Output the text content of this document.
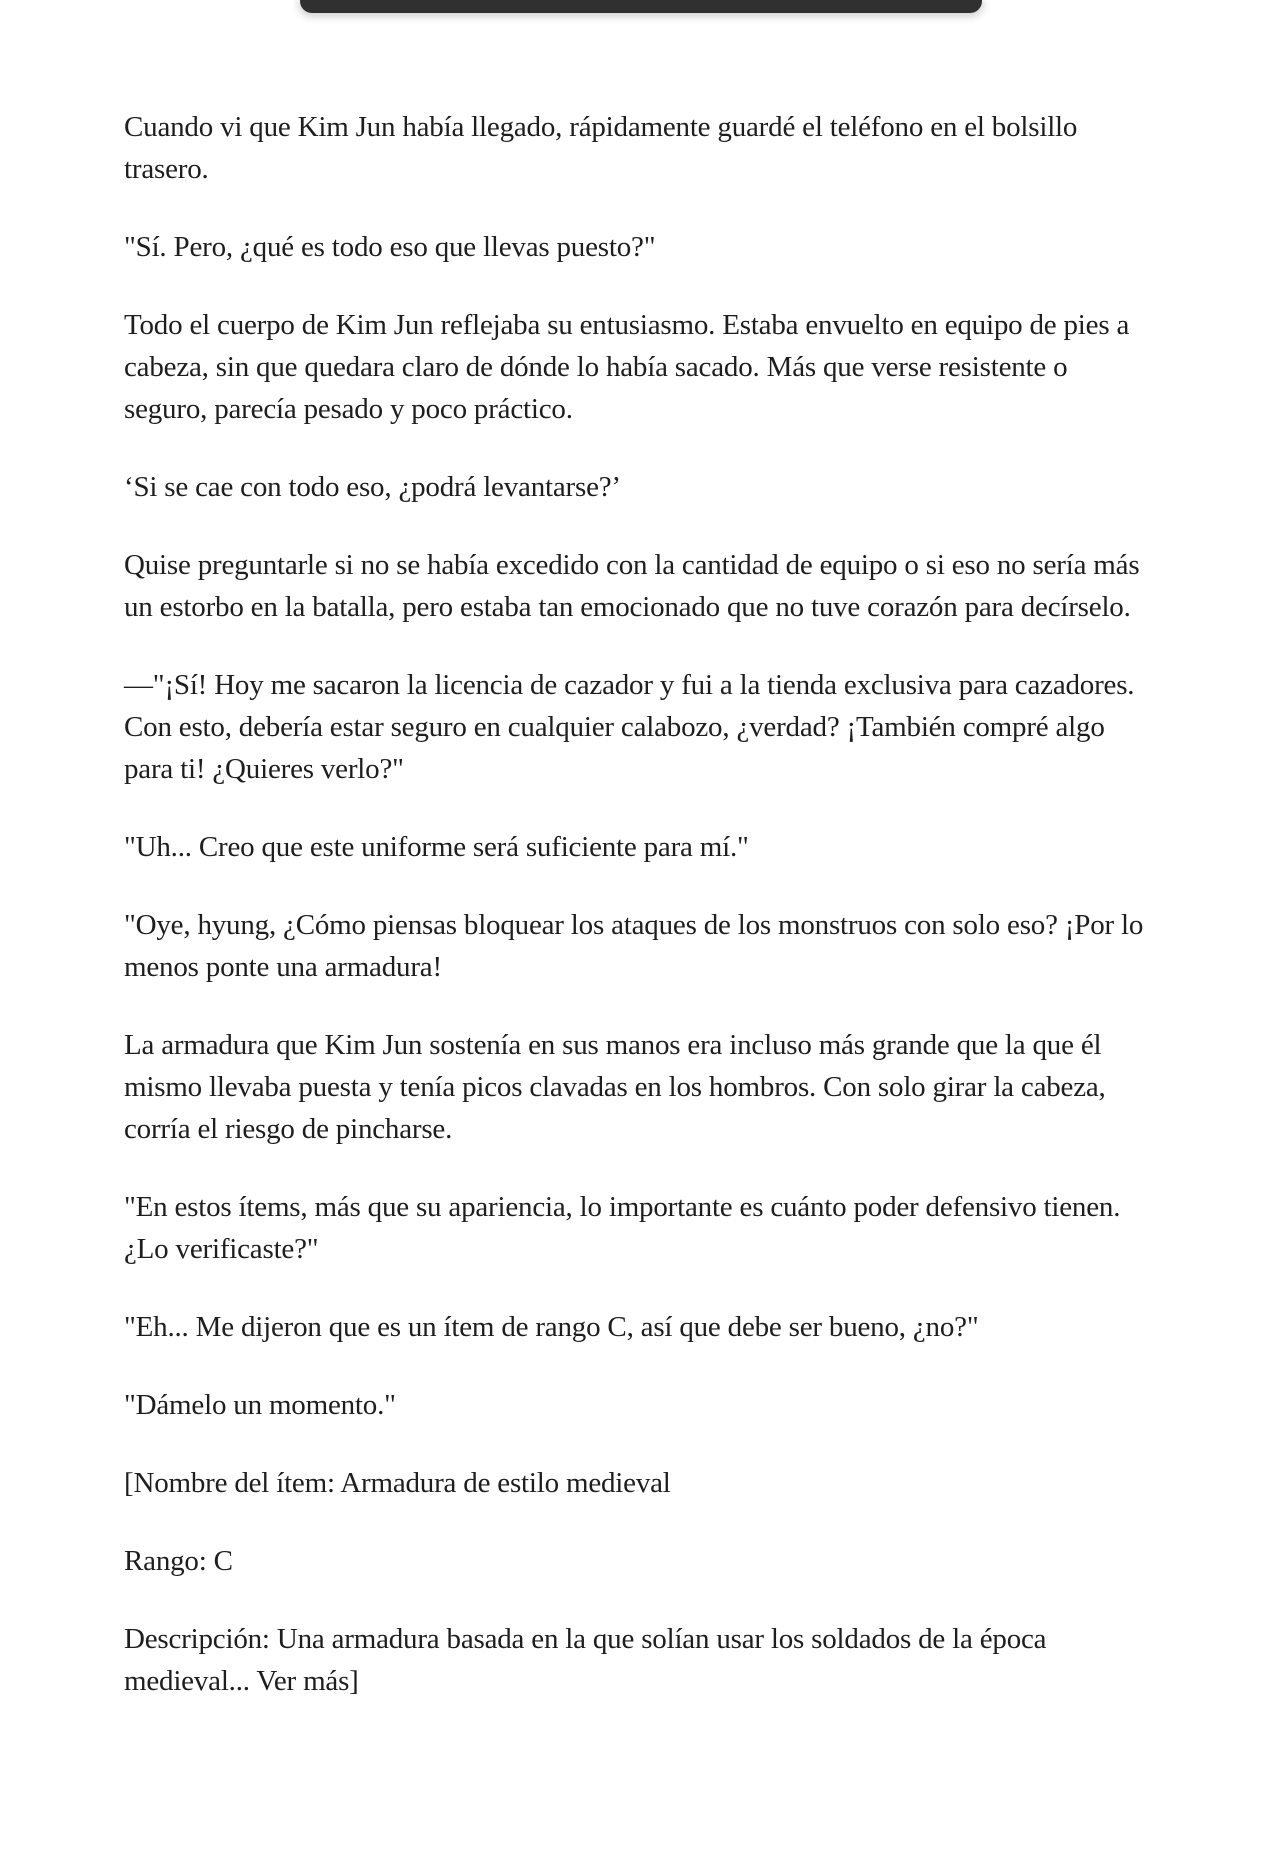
Cuando vi que Kim Jun había llegado, rápidamente guardé el teléfono en el bolsillo trasero.

"Sí. Pero, ¿qué es todo eso que llevas puesto?"

Todo el cuerpo de Kim Jun reflejaba su entusiasmo. Estaba envuelto en equipo de pies a cabeza, sin que quedara claro de dónde lo había sacado. Más que verse resistente o seguro, parecía pesado y poco práctico.

‘Si se cae con todo eso, ¿podrá levantarse?’

Quise preguntarle si no se había excedido con la cantidad de equipo o si eso no sería más un estorbo en la batalla, pero estaba tan emocionado que no tuve corazón para decírselo.

—"¡Sí! Hoy me sacaron la licencia de cazador y fui a la tienda exclusiva para cazadores. Con esto, debería estar seguro en cualquier calabozo, ¿verdad? ¡También compré algo para ti! ¿Quieres verlo?"

"Uh... Creo que este uniforme será suficiente para mí."

"Oye, hyung, ¿Cómo piensas bloquear los ataques de los monstruos con solo eso? ¡Por lo menos ponte una armadura!

La armadura que Kim Jun sostenía en sus manos era incluso más grande que la que él mismo llevaba puesta y tenía picos clavadas en los hombros. Con solo girar la cabeza, corría el riesgo de pincharse.

"En estos ítems, más que su apariencia, lo importante es cuánto poder defensivo tienen. ¿Lo verificaste?"

"Eh... Me dijeron que es un ítem de rango C, así que debe ser bueno, ¿no?"

"Dámelo un momento."

[Nombre del ítem: Armadura de estilo medieval

Rango: C

Descripción: Una armadura basada en la que solían usar los soldados de la época medieval... Ver más]
